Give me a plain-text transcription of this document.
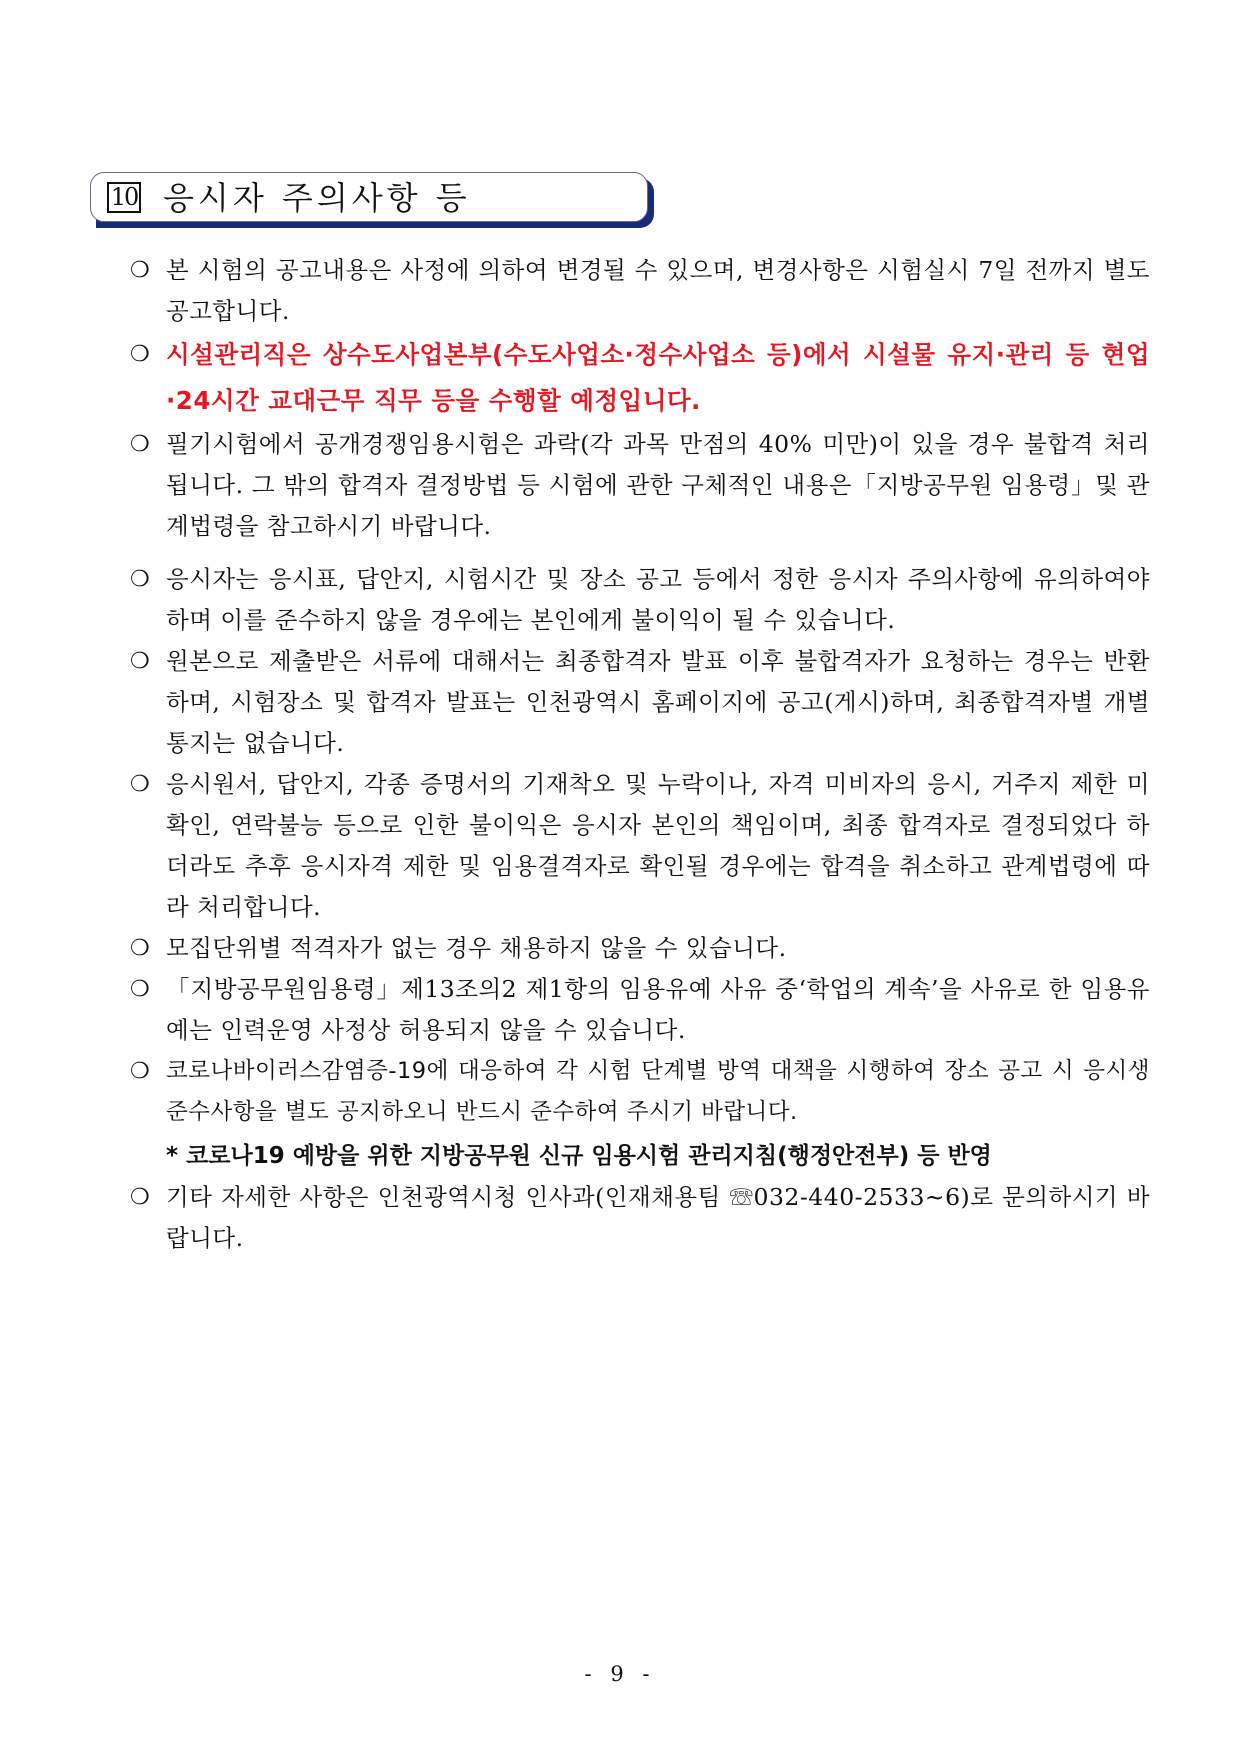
10 응시자 주의사항 등
❍ 본 시험의 공고내용은 사정에 의하여 변경될 수 있으며, 변경사항은 시험실시 7일 전까지 별도 공고합니다.
❍ 시설관리직은 상수도사업본부(수도사업소·정수사업소 등)에서 시설물 유지·관리 등 현업·24시간 교대근무 직무 등을 수행할 예정입니다.
❍ 필기시험에서 공개경쟁임용시험은 과락(각 과목 만점의 40% 미만)이 있을 경우 불합격 처리됩니다. 그 밖의 합격자 결정방법 등 시험에 관한 구체적인 내용은「지방공무원 임용령」및 관계법령을 참고하시기 바랍니다.
❍ 응시자는 응시표, 답안지, 시험시간 및 장소 공고 등에서 정한 응시자 주의사항에 유의하여야 하며 이를 준수하지 않을 경우에는 본인에게 불이익이 될 수 있습니다.
❍ 원본으로 제출받은 서류에 대해서는 최종합격자 발표 이후 불합격자가 요청하는 경우는 반환하며, 시험장소 및 합격자 발표는 인천광역시 홈페이지에 공고(게시)하며, 최종합격자별 개별 통지는 없습니다.
❍ 응시원서, 답안지, 각종 증명서의 기재착오 및 누락이나, 자격 미비자의 응시, 거주지 제한 미확인, 연락불능 등으로 인한 불이익은 응시자 본인의 책임이며, 최종 합격자로 결정되었다 하더라도 추후 응시자격 제한 및 임용결격자로 확인될 경우에는 합격을 취소하고 관계법령에 따라 처리합니다.
❍ 모집단위별 적격자가 없는 경우 채용하지 않을 수 있습니다.
❍ 「지방공무원임용령」제13조의2 제1항의 임용유예 사유 중‘학업의 계속’을 사유로 한 임용유예는 인력운영 사정상 허용되지 않을 수 있습니다.
❍ 코로나바이러스감염증-19에 대응하여 각 시험 단계별 방역 대책을 시행하여 장소 공고 시 응시생 준수사항을 별도 공지하오니 반드시 준수하여 주시기 바랍니다.
* 코로나19 예방을 위한 지방공무원 신규 임용시험 관리지침(행정안전부) 등 반영
❍ 기타 자세한 사항은 인천광역시청 인사과(인재채용팀 ☏032-440-2533~6)로 문의하시기 바랍니다.
- 9 -
